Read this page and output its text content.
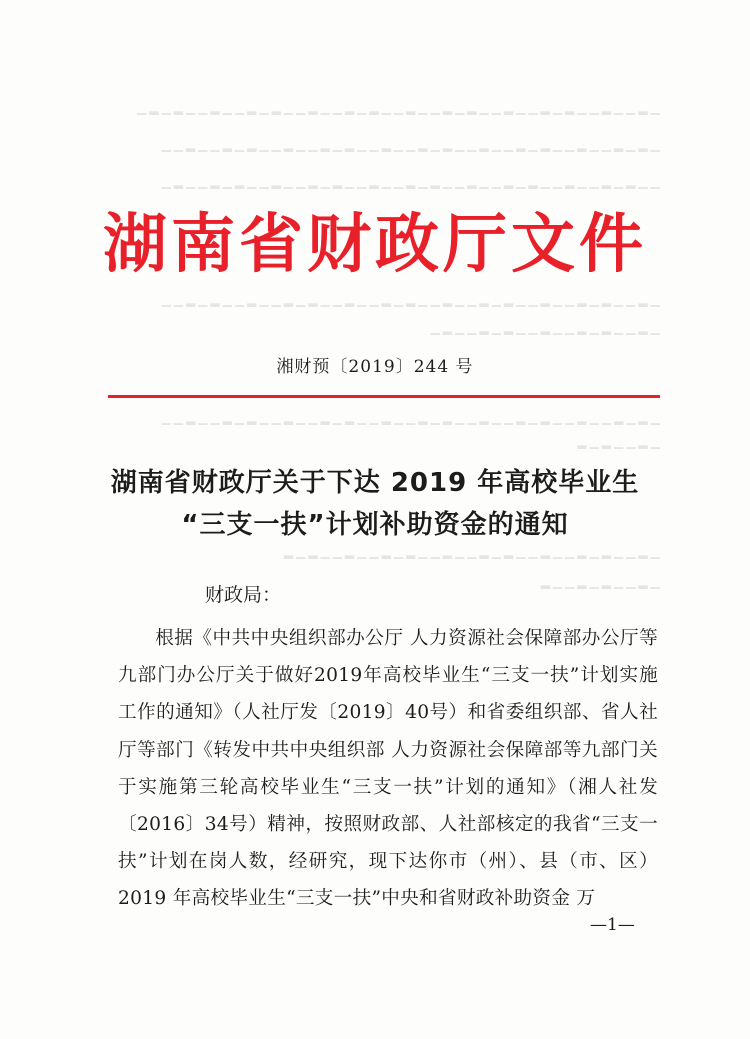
▁▂▁▁▂▁▁▂▁▂▁▁▂▁▁▂▁▂▁▁▂▁▁▂▁▂▁▁▂▁▁▂▁▂▁▁▂▁▁▂▁▂▁
▁▂▁▂▁▁▂▁▁▂▁▂▁▁▂▁▁▂▁▂▁▁▂▁▁▂▁▂▁▁▂▁▁▂▁▂▁▁▂▁▁
▁▁▂▁▂▁▁▂▁▁▂▁▂▁▁▂▁▁▂▁▂▁▁▂▁▁▂▁▂▁▁▂▁▁▂▁▂▁▁▂▁
▁▂▁▁▂▁▂▁▁▂▁▁▂▁▂▁▁▂▁▁▂▁▂▁▁▂▁▁▂▁▂▁▁▂▁▁▂▁▂▁▁
▁▂▁▁▂▁▂▁▁▂▁▁▂▁▂▁▁▂▁
▁▂▁▂▁▁▂▁▁▂▁▂▁▁▂▁▁▂▁▂▁▁▂▁▁▂▁▂▁▁▂▁▁▂▁▂▁▁▂▁▁
▁▂▁▁▂▁▂
▁▂▁▁▂▁▂▁▁▂▁▁▂▁▂▁▁▂▁▁▂▁▂▁▁▂▁▁▂▁▂
▁▂▁▁▂▁▂▁▁▂
湖南省财政厅文件
湘财预〔2019〕244 号
湖南省财政厅关于下达 2019 年高校毕业生
“三支一扶”计划补助资金的通知
财政局：
根据《中共中央组织部办公厅 人力资源社会保障部办公厅等九部门办公厅关于做好2019年高校毕业生“三支一扶”计划实施工作的通知》（人社厅发〔2019〕40号）和省委组织部、省人社厅等部门《转发中共中央组织部 人力资源社会保障部等九部门关于实施第三轮高校毕业生“三支一扶”计划的通知》（湘人社发〔2016〕34号）精神，按照财政部、人社部核定的我省“三支一扶”计划在岗人数，经研究，现下达你市（州）、县（市、区）2019 年高校毕业生“三支一扶”中央和省财政补助资金 万
—1—
